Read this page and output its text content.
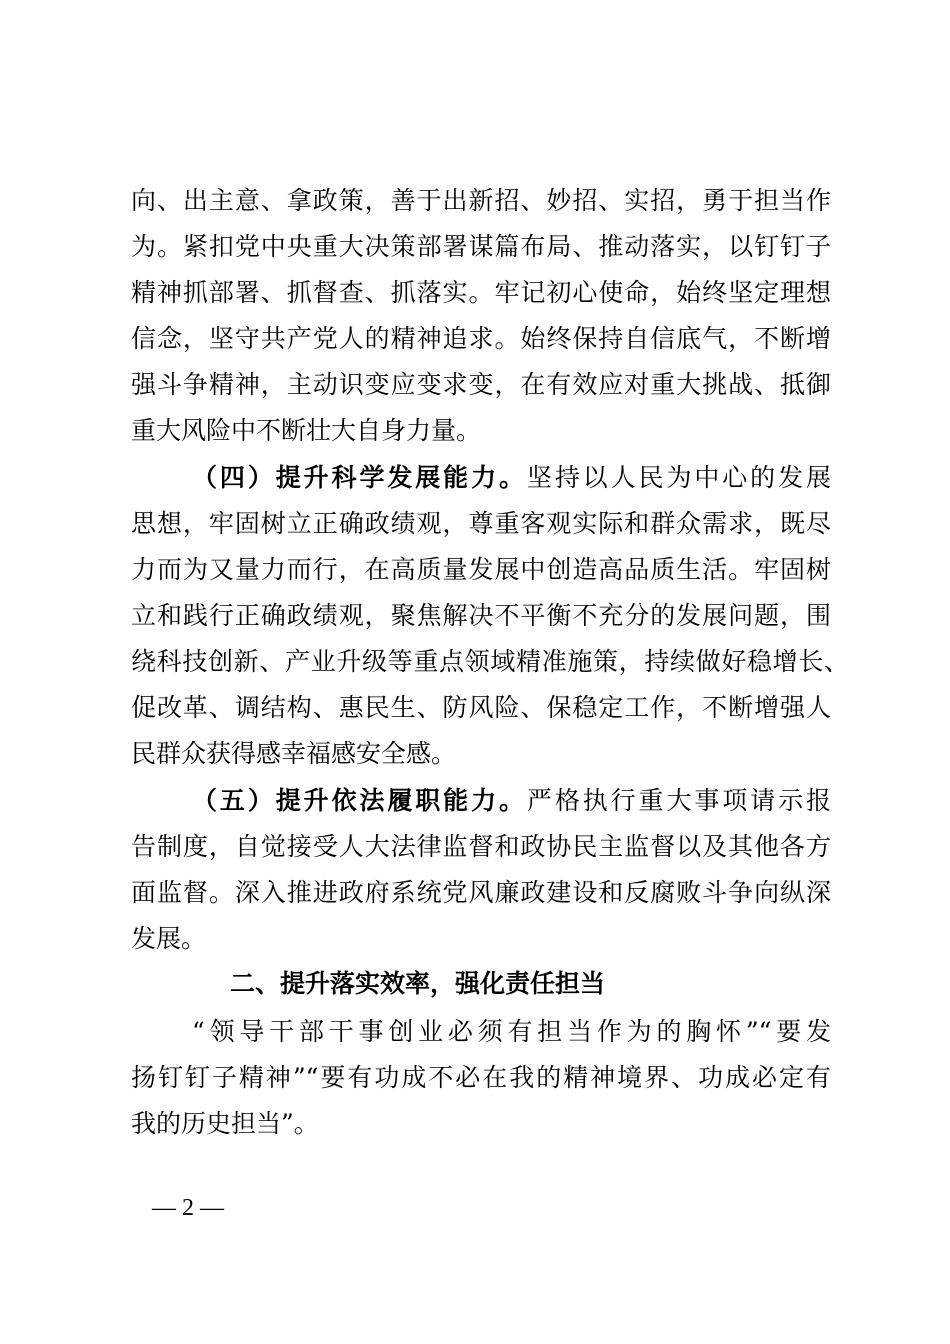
向、出主意、拿政策，善于出新招、妙招、实招，勇于担当作
为。紧扣党中央重大决策部署谋篇布局、推动落实，以钉钉子
精神抓部署、抓督查、抓落实。牢记初心使命，始终坚定理想
信念，坚守共产党人的精神追求。始终保持自信底气，不断增
强斗争精神，主动识变应变求变，在有效应对重大挑战、抵御
重大风险中不断壮大自身力量。
（四）提升科学发展能力。坚持以人民为中心的发展
思想，牢固树立正确政绩观，尊重客观实际和群众需求，既尽
力而为又量力而行，在高质量发展中创造高品质生活。牢固树
立和践行正确政绩观，聚焦解决不平衡不充分的发展问题，围
绕科技创新、产业升级等重点领域精准施策，持续做好稳增长、
促改革、调结构、惠民生、防风险、保稳定工作，不断增强人
民群众获得感幸福感安全感。
（五）提升依法履职能力。严格执行重大事项请示报
告制度，自觉接受人大法律监督和政协民主监督以及其他各方
面监督。深入推进政府系统党风廉政建设和反腐败斗争向纵深
发展。
二、提升落实效率，强化责任担当
“领导干部干事创业必须有担当作为的胸怀”“要发
扬钉钉子精神”“要有功成不必在我的精神境界、功成必定有
我的历史担当”。
— 2 —
